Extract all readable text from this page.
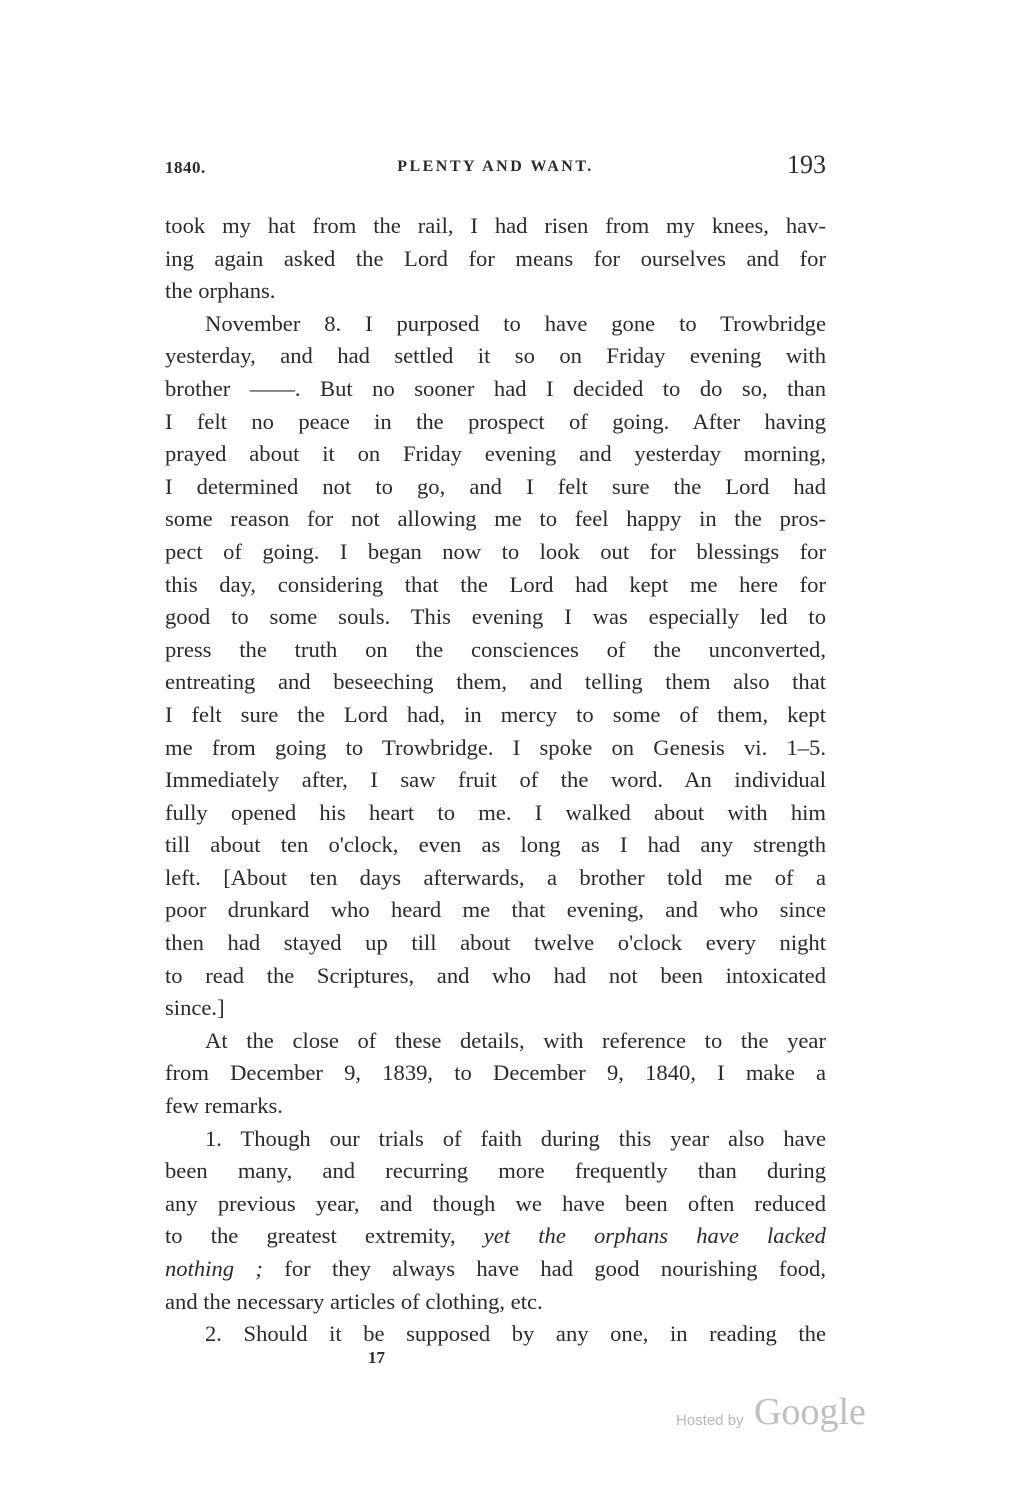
1840.	PLENTY AND WANT.	193
took my hat from the rail, I had risen from my knees, hav-
ing again asked the Lord for means for ourselves and for
the orphans.
November 8. I purposed to have gone to Trowbridge
yesterday, and had settled it so on Friday evening with
brother ——. But no sooner had I decided to do so, than
I felt no peace in the prospect of going. After having
prayed about it on Friday evening and yesterday morning,
I determined not to go, and I felt sure the Lord had
some reason for not allowing me to feel happy in the pros-
pect of going. I began now to look out for blessings for
this day, considering that the Lord had kept me here for
good to some souls. This evening I was especially led to
press the truth on the consciences of the unconverted,
entreating and beseeching them, and telling them also that
I felt sure the Lord had, in mercy to some of them, kept
me from going to Trowbridge. I spoke on Genesis vi. 1–5.
Immediately after, I saw fruit of the word. An individual
fully opened his heart to me. I walked about with him
till about ten o'clock, even as long as I had any strength
left. [About ten days afterwards, a brother told me of a
poor drunkard who heard me that evening, and who since
then had stayed up till about twelve o'clock every night
to read the Scriptures, and who had not been intoxicated
since.]
At the close of these details, with reference to the year
from December 9, 1839, to December 9, 1840, I make a
few remarks.
1. Though our trials of faith during this year also have
been many, and recurring more frequently than during
any previous year, and though we have been often reduced
to the greatest extremity, yet the orphans have lacked
nothing ; for they always have had good nourishing food,
and the necessary articles of clothing, etc.
2. Should it be supposed by any one, in reading the
17
Hosted by Google
